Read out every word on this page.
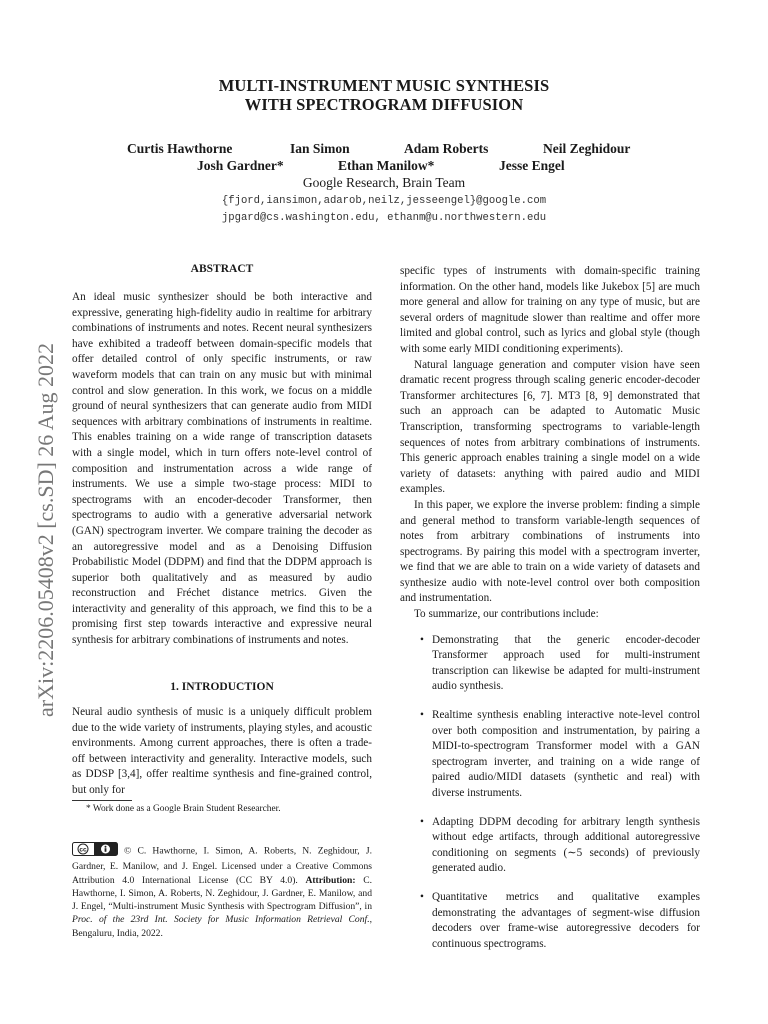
arXiv:2206.05408v2 [cs.SD] 26 Aug 2022
MULTI-INSTRUMENT MUSIC SYNTHESIS
WITH SPECTROGRAM DIFFUSION
Curtis Hawthorne	Ian Simon	Adam Roberts	Neil Zeghidour
Josh Gardner*	Ethan Manilow*	Jesse Engel
Google Research, Brain Team
{fjord,iansimon,adarob,neilz,jesseengel}@google.com
jpgard@cs.washington.edu, ethanm@u.northwestern.edu
ABSTRACT

An ideal music synthesizer should be both interactive and expressive, generating high-fidelity audio in realtime for arbitrary combinations of instruments and notes. Recent neural synthesizers have exhibited a tradeoff between domain-specific models that offer detailed control of only specific instruments, or raw waveform models that can train on any music but with minimal control and slow generation. In this work, we focus on a middle ground of neural synthesizers that can generate audio from MIDI sequences with arbitrary combinations of instruments in realtime. This enables training on a wide range of transcription datasets with a single model, which in turn offers note-level control of composition and instrumentation across a wide range of instruments. We use a simple two-stage process: MIDI to spectrograms with an encoder-decoder Transformer, then spectrograms to audio with a generative adversarial network (GAN) spectrogram inverter. We compare training the decoder as an autoregressive model and as a Denoising Diffusion Probabilistic Model (DDPM) and find that the DDPM approach is superior both qualitatively and as measured by audio reconstruction and Fréchet distance metrics. Given the interactivity and generality of this approach, we find this to be a promising first step towards interactive and expressive neural synthesis for arbitrary combinations of instruments and notes.

1. INTRODUCTION

Neural audio synthesis of music is a uniquely difficult problem due to the wide variety of instruments, playing styles, and acoustic environments. Among current approaches, there is often a trade-off between interactivity and generality. Interactive models, such as DDSP [3,4], offer realtime synthesis and fine-grained control, but only for

* Work done as a Google Brain Student Researcher.
cc	© C. Hawthorne, I. Simon, A. Roberts, N. Zeghidour, J. Gardner, E. Manilow, and J. Engel. Licensed under a Creative Commons Attribution 4.0 International License (CC BY 4.0). Attribution: C. Hawthorne, I. Simon, A. Roberts, N. Zeghidour, J. Gardner, E. Manilow, and J. Engel, “Multi-instrument Music Synthesis with Spectrogram Diffusion”, in Proc. of the 23rd Int. Society for Music Information Retrieval Conf., Bengaluru, India, 2022.

specific types of instruments with domain-specific training information. On the other hand, models like Jukebox [5] are much more general and allow for training on any type of music, but are several orders of magnitude slower than realtime and offer more limited and global control, such as lyrics and global style (though with some early MIDI conditioning experiments).

Natural language generation and computer vision have seen dramatic recent progress through scaling generic encoder-decoder Transformer architectures [6, 7]. MT3 [8, 9] demonstrated that such an approach can be adapted to Automatic Music Transcription, transforming spectrograms to variable-length sequences of notes from arbitrary combinations of instruments. This generic approach enables training a single model on a wide variety of datasets: anything with paired audio and MIDI examples.

In this paper, we explore the inverse problem: finding a simple and general method to transform variable-length sequences of notes from arbitrary combinations of instruments into spectrograms. By pairing this model with a spectrogram inverter, we find that we are able to train on a wide variety of datasets and synthesize audio with note-level control over both composition and instrumentation.

To summarize, our contributions include:

• Demonstrating that the generic encoder-decoder Transformer approach used for multi-instrument transcription can likewise be adapted for multi-instrument audio synthesis.
• Realtime synthesis enabling interactive note-level control over both composition and instrumentation, by pairing a MIDI-to-spectrogram Transformer model with a GAN spectrogram inverter, and training on a wide range of paired audio/MIDI datasets (synthetic and real) with diverse instruments.
• Adapting DDPM decoding for arbitrary length synthesis without edge artifacts, through additional autoregressive conditioning on segments (∼5 seconds) of previously generated audio.
• Quantitative metrics and qualitative examples demonstrating the advantages of segment-wise diffusion decoders over frame-wise autoregressive decoders for continuous spectrograms.
